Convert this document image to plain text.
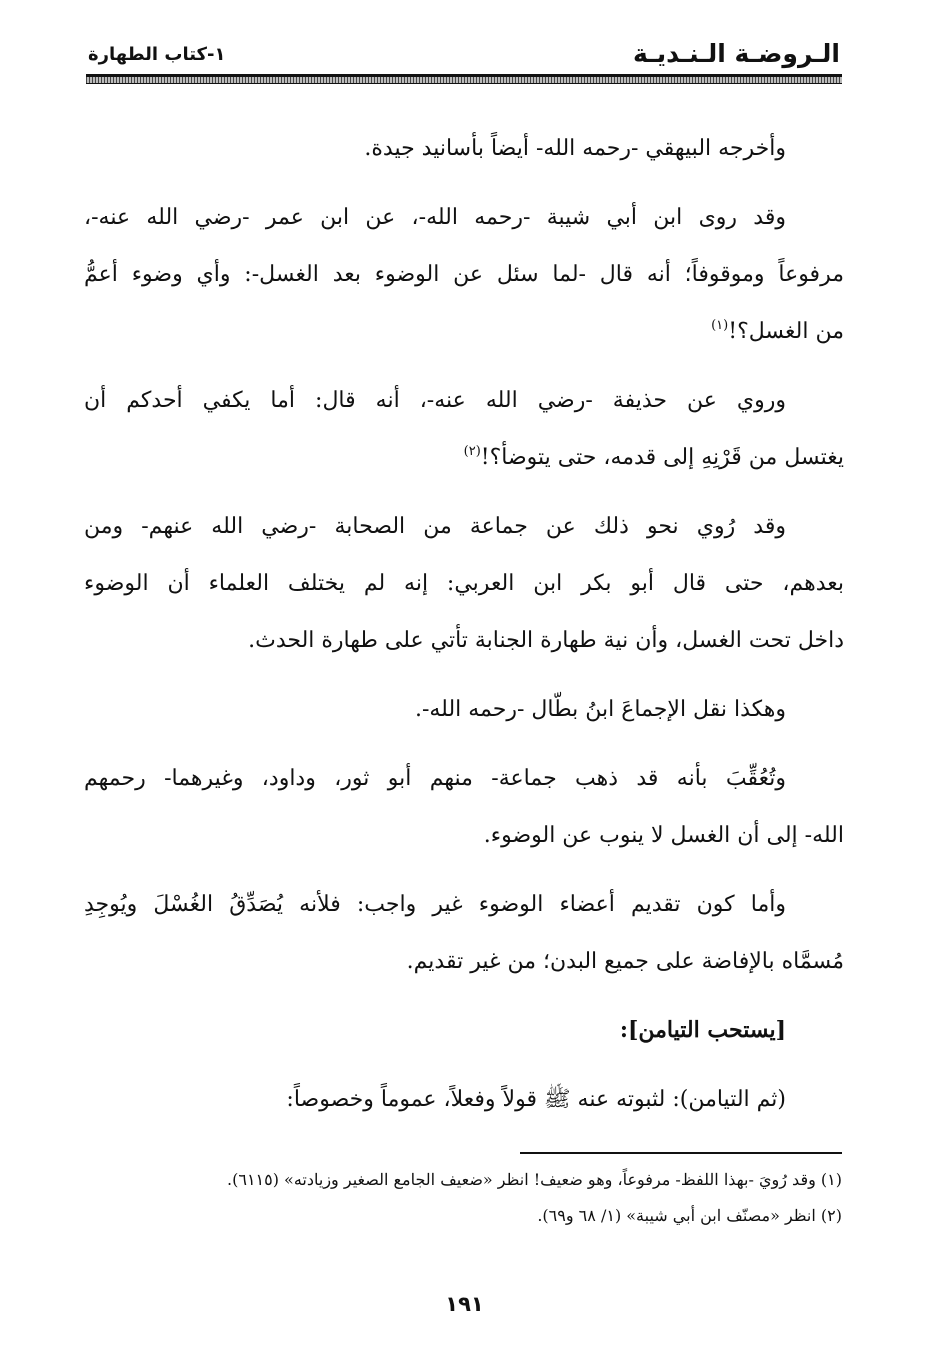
الـروضـة الـنـديـة
١-كتاب الطهارة
وأخرجه البيهقي -رحمه الله- أيضاً بأسانيد جيدة.
وقد روى ابن أبي شيبة -رحمه الله-، عن ابن عمر -رضي الله عنه-،
مرفوعاً وموقوفاً؛ أنه قال -لما سئل عن الوضوء بعد الغسل-: وأي وضوء أعمُّ
من الغسل؟!$^{(١)}$
وروي عن حذيفة -رضي الله عنه-، أنه قال: أما يكفي أحدكم أن
يغتسل من قَرْنِهِ إلى قدمه، حتى يتوضأ؟!$^{(٢)}$
وقد رُوي نحو ذلك عن جماعة من الصحابة -رضي الله عنهم- ومن
بعدهم، حتى قال أبو بكر ابن العربي: إنه لم يختلف العلماء أن الوضوء
داخل تحت الغسل، وأن نية طهارة الجنابة تأتي على طهارة الحدث.
وهكذا نقل الإجماعَ ابنُ بطّال -رحمه الله-.
وتُعُقِّبَ بأنه قد ذهب جماعة- منهم أبو ثور، وداود، وغيرهما- رحمهم
الله- إلى أن الغسل لا ينوب عن الوضوء.
وأما كون تقديم أعضاء الوضوء غير واجب: فلأنه يُصَدِّقُ الغُسْلَ ويُوجِدِ
مُسمَّاه بالإفاضة على جميع البدن؛ من غير تقديم.
[يستحب التيامن]:
(ثم التيامن): لثبوته عنه ﷺ قولاً وفعلاً، عموماً وخصوصاً:
(١) وقد رُويَ -بهذا اللفظ- مرفوعاً، وهو ضعيف! انظر «ضعيف الجامع الصغير وزيادته» (٦١١٥).
(٢) انظر «مصنّف ابن أبي شيبة» (١/ ٦٨ و٦٩).
١٩١
